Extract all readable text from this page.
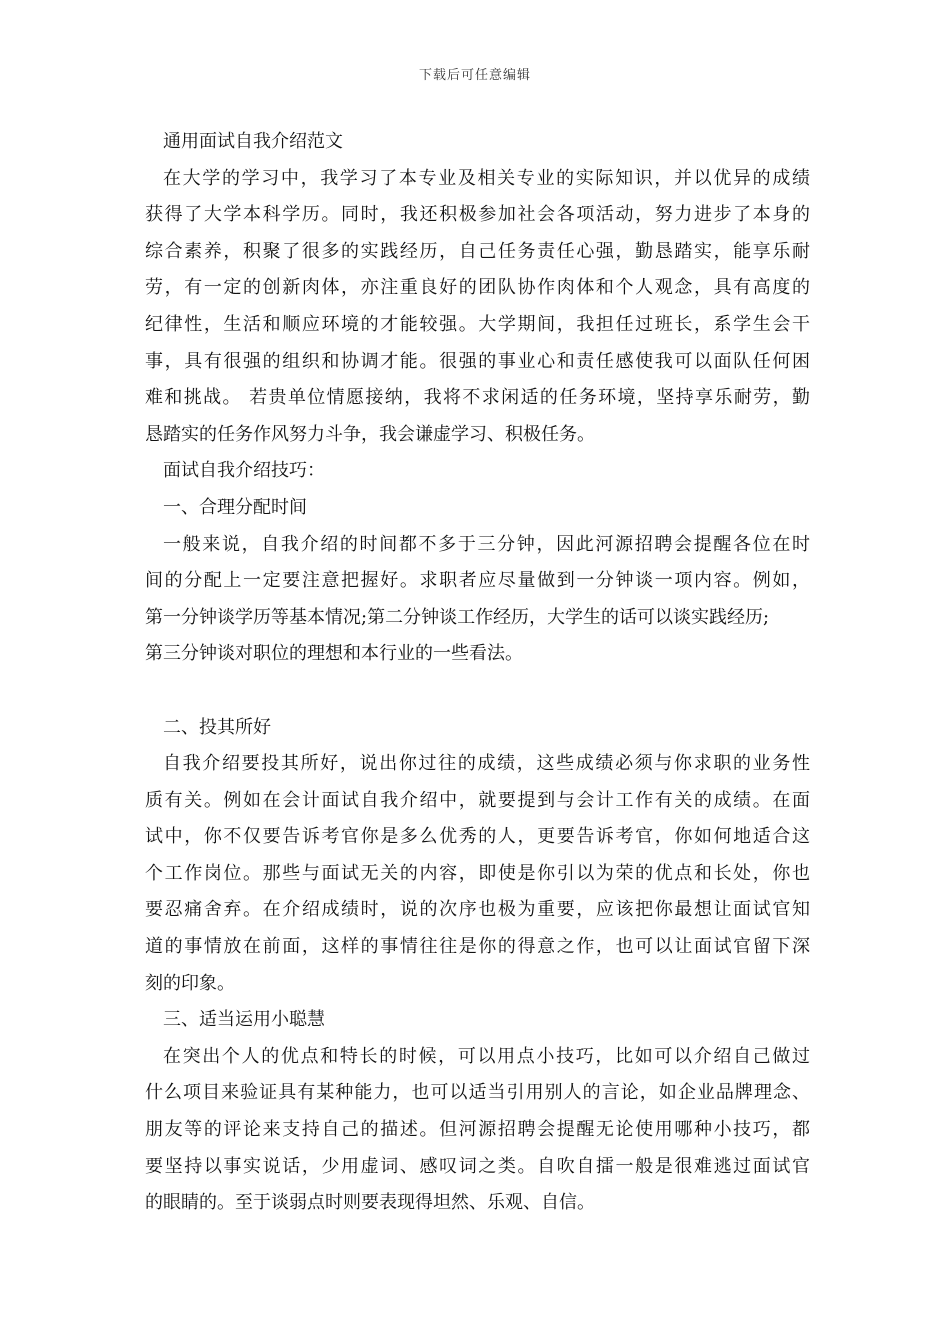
下载后可任意编辑
通用面试自我介绍范文
在大学的学习中，我学习了本专业及相关专业的实际知识，并以优异的成绩
获得了大学本科学历。同时，我还积极参加社会各项活动，努力进步了本身的
综合素养，积聚了很多的实践经历，自己任务责任心强，勤恳踏实，能享乐耐
劳，有一定的创新肉体，亦注重良好的团队协作肉体和个人观念，具有高度的
纪律性，生活和顺应环境的才能较强。大学期间，我担任过班长，系学生会干
事，具有很强的组织和协调才能。很强的事业心和责任感使我可以面队任何困
难和挑战。 若贵单位情愿接纳，我将不求闲适的任务环境，坚持享乐耐劳，勤
恳踏实的任务作风努力斗争，我会谦虚学习、积极任务。
面试自我介绍技巧：
一、合理分配时间
一般来说，自我介绍的时间都不多于三分钟，因此河源招聘会提醒各位在时
间的分配上一定要注意把握好。求职者应尽量做到一分钟谈一项内容。例如，
第一分钟谈学历等基本情况;第二分钟谈工作经历，大学生的话可以谈实践经历;
第三分钟谈对职位的理想和本行业的一些看法。
二、投其所好
自我介绍要投其所好，说出你过往的成绩，这些成绩必须与你求职的业务性
质有关。例如在会计面试自我介绍中，就要提到与会计工作有关的成绩。在面
试中，你不仅要告诉考官你是多么优秀的人，更要告诉考官，你如何地适合这
个工作岗位。那些与面试无关的内容，即使是你引以为荣的优点和长处，你也
要忍痛舍弃。在介绍成绩时，说的次序也极为重要，应该把你最想让面试官知
道的事情放在前面，这样的事情往往是你的得意之作，也可以让面试官留下深
刻的印象。
三、适当运用小聪慧
在突出个人的优点和特长的时候，可以用点小技巧，比如可以介绍自己做过
什么项目来验证具有某种能力，也可以适当引用别人的言论，如企业品牌理念、
朋友等的评论来支持自己的描述。但河源招聘会提醒无论使用哪种小技巧，都
要坚持以事实说话，少用虚词、感叹词之类。自吹自擂一般是很难逃过面试官
的眼睛的。至于谈弱点时则要表现得坦然、乐观、自信。
